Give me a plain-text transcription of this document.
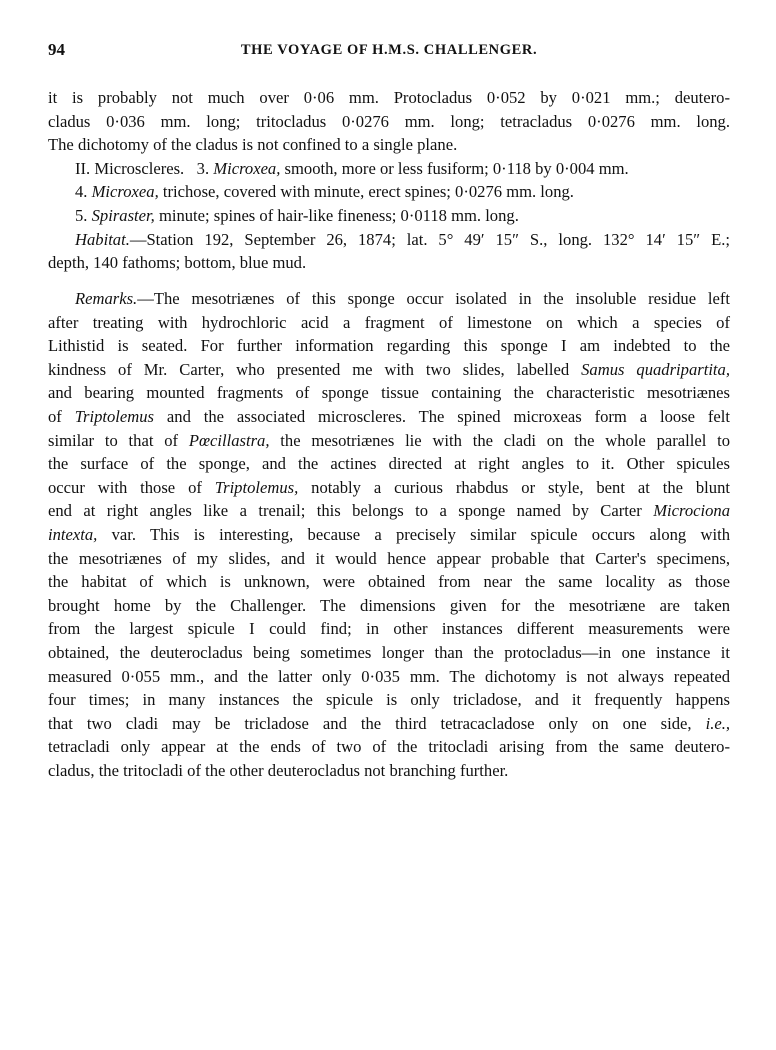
94	THE VOYAGE OF H.M.S. CHALLENGER.
it is probably not much over 0·06 mm. Protocladus 0·052 by 0·021 mm.; deutero-
cladus 0·036 mm. long; tritocladus 0·0276 mm. long; tetracladus 0·0276 mm. long.
The dichotomy of the cladus is not confined to a single plane.
II. Microscleres. 3. Microxea, smooth, more or less fusiform; 0·118 by 0·004 mm.
4. Microxea, trichose, covered with minute, erect spines; 0·0276 mm. long.
5. Spiraster, minute; spines of hair-like fineness; 0·0118 mm. long.
Habitat.—Station 192, September 26, 1874; lat. 5° 49′ 15″ S., long. 132° 14′ 15″ E.;
depth, 140 fathoms; bottom, blue mud.
Remarks.—The mesotriænes of this sponge occur isolated in the insoluble residue left
after treating with hydrochloric acid a fragment of limestone on which a species of
Lithistid is seated. For further information regarding this sponge I am indebted to the
kindness of Mr. Carter, who presented me with two slides, labelled Samus quadripartita,
and bearing mounted fragments of sponge tissue containing the characteristic mesotriænes
of Triptolemus and the associated microscleres. The spined microxeas form a loose felt
similar to that of Pœcillastra, the mesotriænes lie with the cladi on the whole parallel to
the surface of the sponge, and the actines directed at right angles to it. Other spicules
occur with those of Triptolemus, notably a curious rhabdus or style, bent at the blunt
end at right angles like a trenail; this belongs to a sponge named by Carter Microciona
intexta, var. This is interesting, because a precisely similar spicule occurs along with
the mesotriænes of my slides, and it would hence appear probable that Carter's specimens,
the habitat of which is unknown, were obtained from near the same locality as those
brought home by the Challenger. The dimensions given for the mesotriæne are taken
from the largest spicule I could find; in other instances different measurements were
obtained, the deuterocladus being sometimes longer than the protocladus—in one instance it
measured 0·055 mm., and the latter only 0·035 mm. The dichotomy is not always repeated
four times; in many instances the spicule is only tricladose, and it frequently happens
that two cladi may be tricladose and the third tetracacladose only on one side, i.e.,
tetracladi only appear at the ends of two of the tritocladi arising from the same deutero-
cladus, the tritocladi of the other deuterocladus not branching further.
